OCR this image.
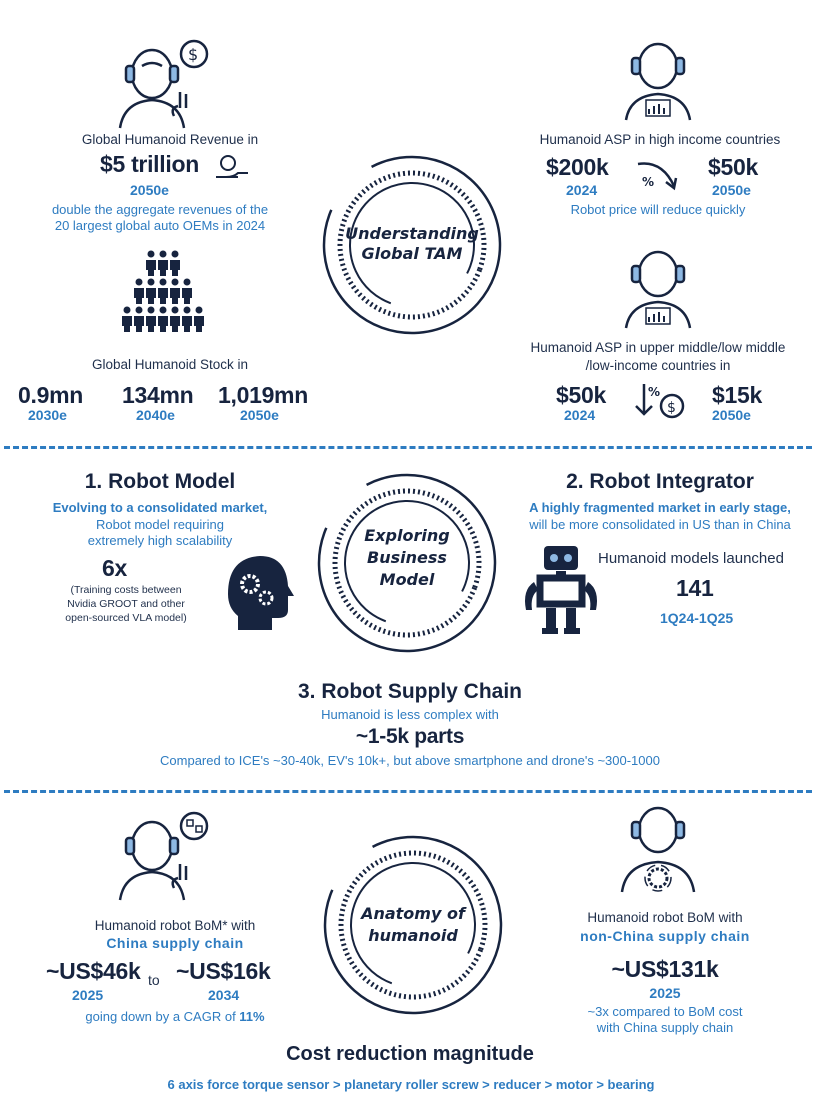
$
Global Humanoid Revenue in
$5 trillion
2050e
double the aggregate revenues of the
20 largest global auto OEMs in 2024
Global Humanoid Stock in
0.9mn
2030e
134mn
2040e
1,019mn
2050e
Understanding
Global TAM
Humanoid ASP in high income countries
$200k
2024	%
$50k
2050e
Robot price will reduce quickly
Humanoid ASP in upper middle/low middle
/low-income countries in
$50k
2024	$
% $15k
2050e
1. Robot Model
Evolving to a consolidated market,
Robot model requiring
extremely high scalability
6x
(Training costs between
Nvidia GROOT and other
open-sourced VLA model)
Exploring
Business
Model
2. Robot Integrator
A highly fragmented market in early stage,
will be more consolidated in US than in China
Humanoid models launched
141
1Q24-1Q25
3. Robot Supply Chain
Humanoid is less complex with
~1-5k parts
Compared to ICE's ~30-40k, EV's 10k+, but above smartphone and drone's ~300-1000
Humanoid robot BoM* with
China supply chain
~US$46k
2025
to ~US$16k
2034
going down by a CAGR of 11%
Anatomy of
humanoid
Humanoid robot BoM with
non-China supply chain
~US$131k
2025
~3x compared to BoM cost
with China supply chain
Cost reduction magnitude
6 axis force torque sensor > planetary roller screw > reducer > motor > bearing
